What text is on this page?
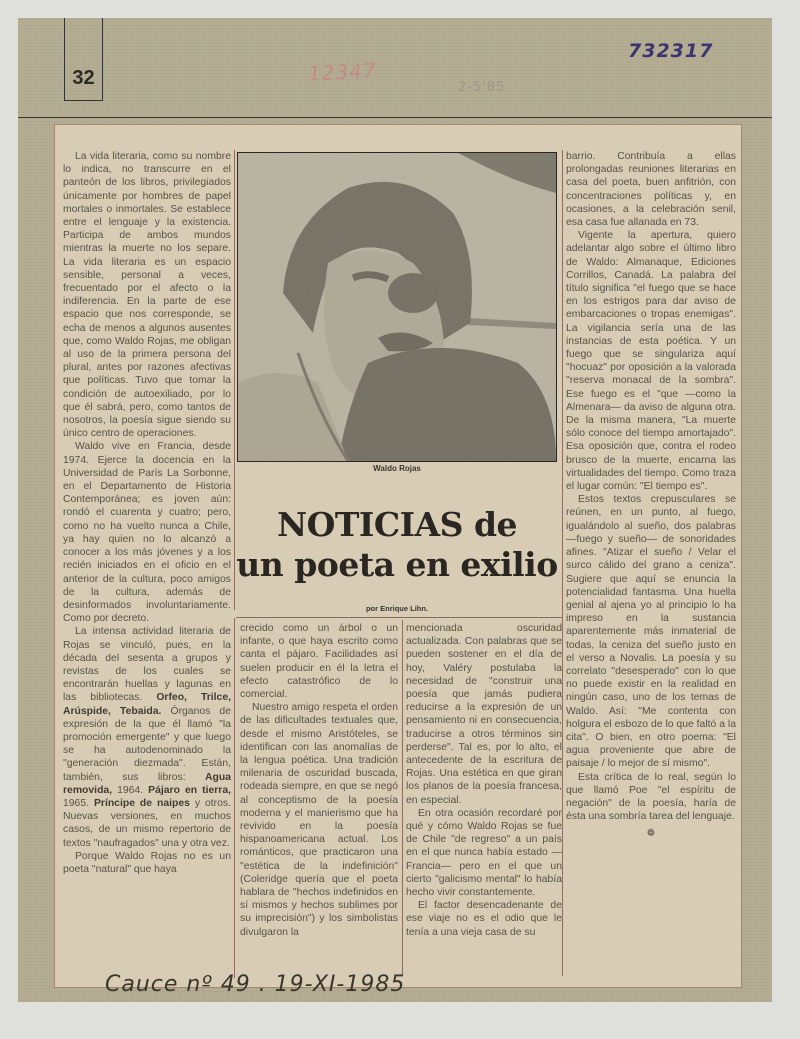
32	12347
732317
2-5'85

La vida literaria, como su nombre lo indica, no transcurre en el panteón de los libros, privilegiados únicamente por hombres de papel mortales o inmortales. Se establece entre el lenguaje y la existencia. Participa de ambos mundos mientras la muerte no los separe. La vida literaria es un espacio sensible, personal a veces, frecuentado por el afecto o la indiferencia. En la parte de ese espacio que nos corresponde, se echa de menos a algunos ausentes que, como Waldo Rojas, me obligan al uso de la primera persona del plural, antes por razones afectivas que políticas. Tuvo que tomar la condición de autoexiliado, por lo que él sabrá, pero, como tantos de nosotros, la poesía sigue siendo su único centro de operaciones.

Waldo vive en Francia, desde 1974. Ejerce la docencia en la Universidad de París La Sorbonne, en el Departamento de Historia Contemporánea; es joven aún: rondó el cuarenta y cuatro; pero, como no ha vuelto nunca a Chile, ya hay quien no lo alcanzó a conocer a los más jóvenes y a los recién iniciados en el oficio en el anterior de la cultura, poco amigos de la cultura, además de desinformados involuntariamente. Como por decreto.

La intensa actividad literaria de Rojas se vinculó, pues, en la década del sesenta a grupos y revistas de los cuales se encontrarán huellas y lagunas en las bibliotecas. Orfeo, Trilce, Arúspide, Tebaida. Órganos de expresión de la que él llamó "la promoción emergente" y que luego se ha autodenominado la "generación diezmada". Están, también, sus libros: Agua removida, 1964. Pájaro en tierra, 1965. Príncipe de naipes y otros. Nuevas versiones, en muchos casos, de un mismo repertorio de textos "naufragados" una y otra vez.

Porque Waldo Rojas no es un poeta "natural" que haya

Waldo Rojas
NOTICIAS de
un poeta en exilio
por Enrique Lihn.

crecido como un árbol o un infante, o que haya escrito como canta el pájaro. Facilidades así suelen producir en él la letra el efecto catastrófico de lo comercial.

Nuestro amigo respeta el orden de las dificultades textuales que, desde el mismo Aristóteles, se identifican con las anomalías de la lengua poética. Una tradición milenaria de oscuridad buscada, rodeada siempre, en que se negó al conceptismo de la poesía moderna y el manierismo que ha revivido en la poesía hispanoamericana actual. Los románticos, que practicaron una "estética de la indefinición" (Coleridge quería que el poeta hablara de "hechos indefinidos en sí mismos y hechos sublimes por su imprecisión") y los simbolistas divulgaron la

mencionada oscuridad actualizada. Con palabras que se pueden sostener en el día de hoy, Valéry postulaba la necesidad de "construir una poesía que jamás pudiera reducirse a la expresión de un pensamiento ni en consecuencia, traducirse a otros términos sin perderse". Tal es, por lo alto, el antecedente de la escritura de Rojas. Una estética en que giran los planos de la poesía francesa, en especial.

En otra ocasión recordaré por qué y cómo Waldo Rojas se fue de Chile "de regreso" a un país en el que nunca había estado —Francia— pero en el que un cierto "galicismo mental" lo había hecho vivir constantemente.

El factor desencadenante de ese viaje no es el odio que le tenía a una vieja casa de su

barrio. Contribuía a ellas prolongadas reuniones literarias en casa del poeta, buen anfitrión, con concentraciones políticas y, en ocasiones, a la celebración senil, esa casa fue allanada en 73.

Vigente la apertura, quiero adelantar algo sobre el último libro de Waldo: Almanaque, Ediciones Corrillos, Canadá. La palabra del título significa "el fuego que se hace en los estrigos para dar aviso de embarcaciones o tropas enemigas". La vigilancia sería una de las instancias de esta poética. Y un fuego que se singulariza aquí "hocuaz" por oposición a la valorada "reserva monacal de la sombra". Ese fuego es el "que —como la Almenara— da aviso de alguna otra. De la misma manera, "La muerte sólo conoce del tiempo amortajado". Esa oposición que, contra el rodeo brusco de la muerte, encarna las virtualidades del tiempo. Como traza el lugar común: "El tiempo es".

Estos textos crepusculares se reúnen, en un punto, al fuego, igualándolo al sueño, dos palabras —fuego y sueño— de sonoridades afines. "Atizar el sueño / Velar el surco cálido del grano a ceniza". Sugiere que aquí se enuncia la potencialidad fantasma. Una huella genial al ajena yo al principio lo ha impreso en la sustancia aparentemente más inmaterial de todas, la ceniza del sueño justo en el verso a Novalis. La poesía y su correlato "desesperado" con lo que no puede existir en la realidad en ningún caso, uno de los temas de Waldo. Así: "Me contenta con holgura el esbozo de lo que faltó a la cita". O bien, en otro poema: "El agua proveniente que abre de paisaje / lo mejor de sí mismo".

Esta crítica de lo real, según lo que llamó Poe "el espíritu de negación" de la poesía, haría de ésta una sombría tarea del lenguaje.

❁
Cauce nº 49 . 19-XI-1985
